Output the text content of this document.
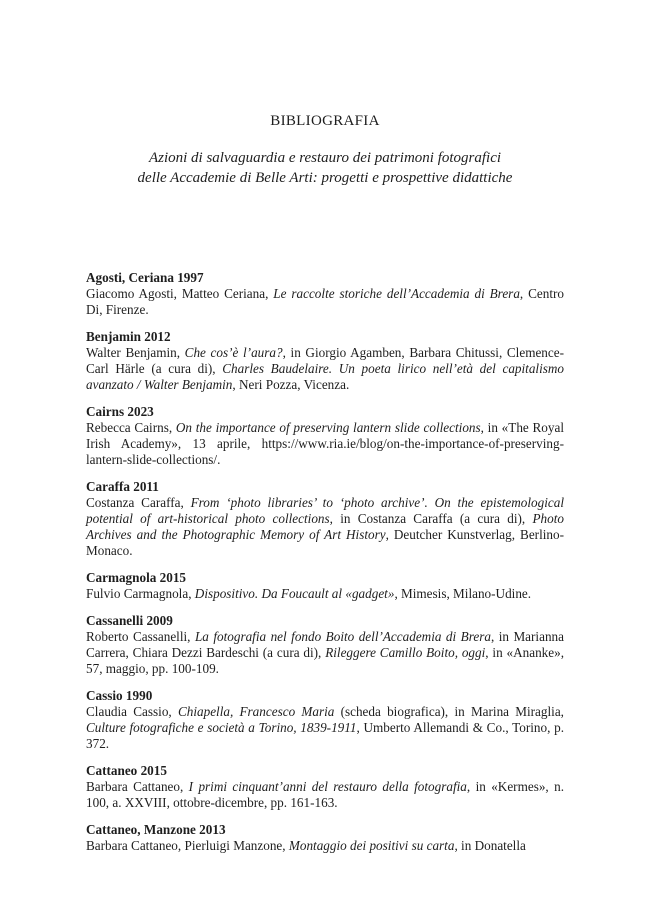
BIBLIOGRAFIA
Azioni di salvaguardia e restauro dei patrimoni fotografici
delle Accademie di Belle Arti: progetti e prospettive didattiche
Agosti, Ceriana 1997
Giacomo Agosti, Matteo Ceriana, Le raccolte storiche dell’Accademia di Brera, Centro Di, Firenze.
Benjamin 2012
Walter Benjamin, Che cos’è l’aura?, in Giorgio Agamben, Barbara Chitussi, Clemence-Carl Härle (a cura di), Charles Baudelaire. Un poeta lirico nell’età del capitalismo avanzato / Walter Benjamin, Neri Pozza, Vicenza.
Cairns 2023
Rebecca Cairns, On the importance of preserving lantern slide collections, in «The Royal Irish Academy», 13 aprile, https://www.ria.ie/blog/on-the-importance-of-preserving-lantern-slide-collections/.
Caraffa 2011
Costanza Caraffa, From ‘photo libraries’ to ‘photo archive’. On the epistemological potential of art-historical photo collections, in Costanza Caraffa (a cura di), Photo Archives and the Photographic Memory of Art History, Deutcher Kunstverlag, Berlino-Monaco.
Carmagnola 2015
Fulvio Carmagnola, Dispositivo. Da Foucault al «gadget», Mimesis, Milano-Udine.
Cassanelli 2009
Roberto Cassanelli, La fotografia nel fondo Boito dell’Accademia di Brera, in Marianna Carrera, Chiara Dezzi Bardeschi (a cura di), Rileggere Camillo Boito, oggi, in «Ananke», 57, maggio, pp. 100-109.
Cassio 1990
Claudia Cassio, Chiapella, Francesco Maria (scheda biografica), in Marina Miraglia, Culture fotografiche e società a Torino, 1839-1911, Umberto Allemandi & Co., Torino, p. 372.
Cattaneo 2015
Barbara Cattaneo, I primi cinquant’anni del restauro della fotografia, in «Kermes», n. 100, a. XXVIII, ottobre-dicembre, pp. 161-163.
Cattaneo, Manzone 2013
Barbara Cattaneo, Pierluigi Manzone, Montaggio dei positivi su carta, in Donatella
